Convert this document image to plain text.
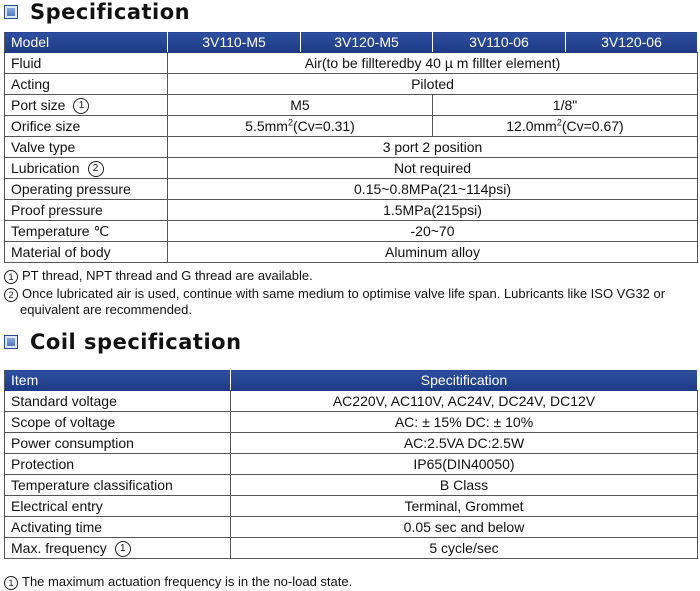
Specification
Model	3V110-M5	3V120-M5	3V110-06	3V120-06
Fluid	Air(to be fillteredby 40 µ m fillter element)			
Acting	Piloted			
Port size 1	M5		1/8"	
Orifice size	$5.5mm^2(Cv=0.31)$		$12.0mm^2(Cv=0.67)$	
Valve type	3 port 2 position			
Lubrication 2	Not required			
Operating pressure	0.15~0.8MPa(21~114psi)			
Proof pressure	1.5MPa(215psi)			
Temperature ℃	-20~70			
Material of body	Aluminum alloy			
1 PT thread, NPT thread and G thread are available.
2 Once lubricated air is used, continue with same medium to optimise valve life span. Lubricants like ISO VG32 or
equivalent are recommended.
Coil specification
Item	Specitification
Standard voltage	AC220V, AC110V, AC24V, DC24V, DC12V
Scope of voltage	AC: ± 15% DC: ± 10%
Power consumption	AC:2.5VA DC:2.5W
Protection	IP65(DIN40050)
Temperature classification	B Class
Electrical entry	Terminal, Grommet
Activating time	0.05 sec and below
Max. frequency 1	5 cycle/sec
1 The maximum actuation frequency is in the no-load state.
